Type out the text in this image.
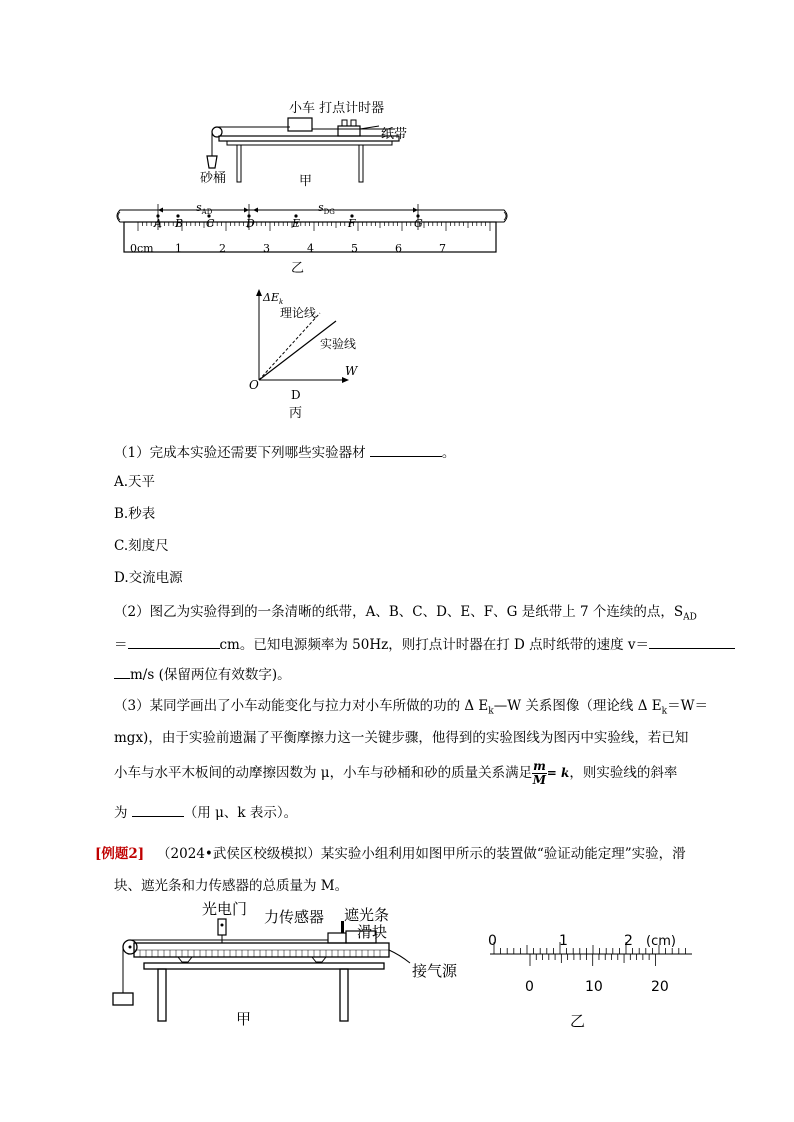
小车 打点计时器
纸带
砂桶	甲
A B C	D	E	F	G
$s_{AD}$	$s_{DG}$
0cm 1	2	3	4	5	6	7
乙
$\Delta E_k$
理论线
实验线
W
O
D
丙
（1）完成本实验还需要下列哪些实验器材	。
A.天平
B.秒表
C.刻度尺
D.交流电源
（2）图乙为实验得到的一条清晰的纸带，A、B、C、D、E、F、G 是纸带上 7 个连续的点，$S_{AD}$
＝	cm。已知电源频率为 50Hz，则打点计时器在打 D 点时纸带的速度 v＝
m/s (保留两位有效数字)。
（3）某同学画出了小车动能变化与拉力对小车所做的功的 Δ $E_k—W$ 关系图像（理论线 Δ $E_k=W=$
mgx)，由于实验前遗漏了平衡摩擦力这一关键步骤，他得到的实验图线为图丙中实验线，若已知
小车与水平木板间的动摩擦因数为 μ，小车与砂桶和砂的质量关系满足 $\frac{m}{M} = k$，则实验线的斜率
为	（用 μ、k 表示）。
[例题2] （2024•武侯区校级模拟）某实验小组利用如图甲所示的装置做“验证动能定理”实验，滑
块、遮光条和力传感器的总质量为 M。
光电门 力传感器 遮光条
滑块
接气源
甲
0	1	2 (cm)
0	10	20
乙
